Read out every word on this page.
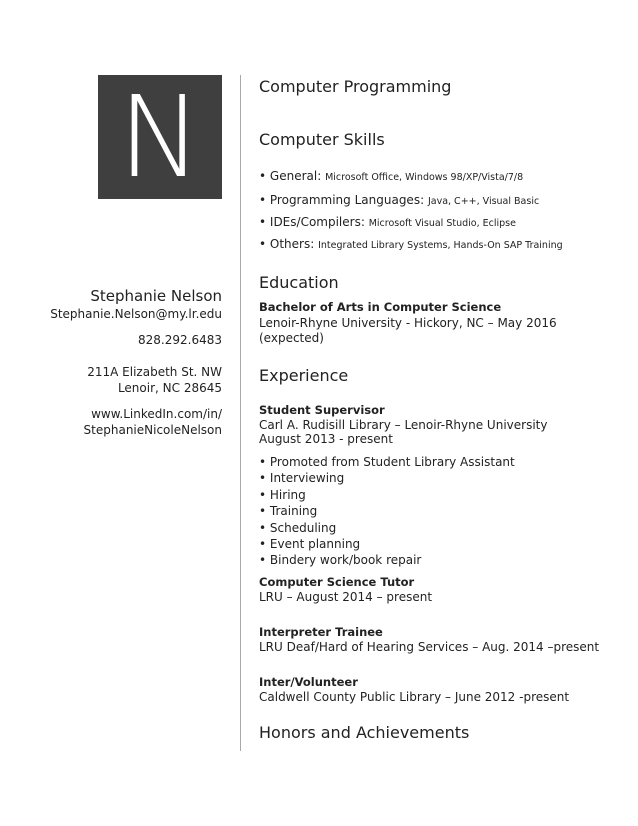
N
Stephanie Nelson
Stephanie.Nelson@my.lr.edu
828.292.6483
211A Elizabeth St. NW
Lenoir, NC 28645
www.LinkedIn.com/in/
StephanieNicoleNelson
Computer Programming
Computer Skills
• General: Microsoft Office, Windows 98/XP/Vista/7/8
• Programming Languages: Java, C++, Visual Basic
• IDEs/Compilers: Microsoft Visual Studio, Eclipse
• Others: Integrated Library Systems, Hands-On SAP Training
Education
Bachelor of Arts in Computer Science
Lenoir-Rhyne University - Hickory, NC – May 2016
(expected)
Experience
Student Supervisor
Carl A. Rudisill Library – Lenoir-Rhyne University
August 2013 - present
• Promoted from Student Library Assistant
• Interviewing
• Hiring
• Training
• Scheduling
• Event planning
• Bindery work/book repair
Computer Science Tutor
LRU – August 2014 – present
Interpreter Trainee
LRU Deaf/Hard of Hearing Services – Aug. 2014 –present
Inter/Volunteer
Caldwell County Public Library – June 2012 -present
Honors and Achievements
